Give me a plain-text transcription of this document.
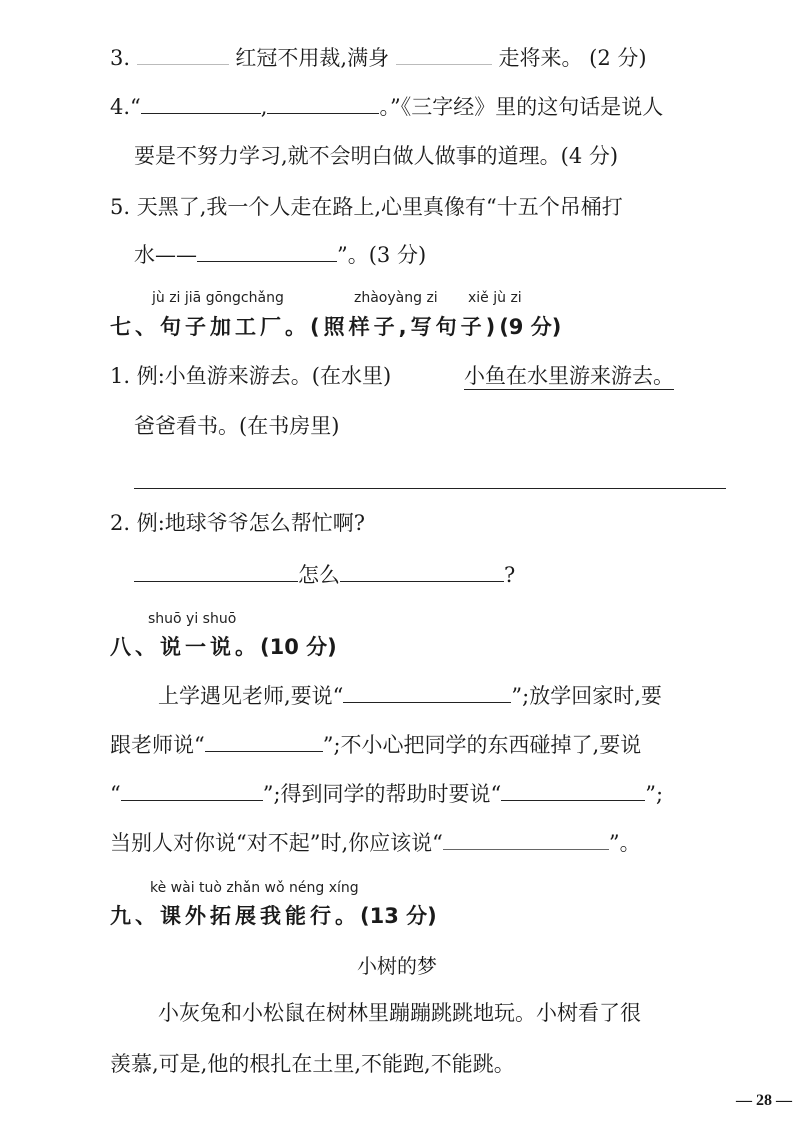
3.	红冠不用裁,满身	走将来。 (2 分)
4.“	,	。”《三字经》里的这句话是说人
要是不努力学习,就不会明白做人做事的道理。(4 分)
5. 天黑了,我一个人走在路上,心里真像有“十五个吊桶打
水——	”。(3 分)
jù zi jiā gōngchǎng	zhàoyàng zi xiě jù zi
七、句子加工厂。(照样子,写句子)(9 分)
1. 例:小鱼游来游去。(在水里)	小鱼在水里游来游去。
爸爸看书。(在书房里)
2. 例:地球爷爷怎么帮忙啊?
怎么	?
shuō yi shuō
八、说一说。(10 分)
上学遇见老师,要说“	”;放学回家时,要
跟老师说“	”;不小心把同学的东西碰掉了,要说
“	”;得到同学的帮助时要说“	”;
当别人对你说“对不起”时,你应该说“	”。
kè wài tuò zhǎn wǒ néng xíng
九、课外拓展我能行。(13 分)
小树的梦
小灰兔和小松鼠在树林里蹦蹦跳跳地玩。小树看了很
羡慕,可是,他的根扎在土里,不能跑,不能跳。
— 28 —
